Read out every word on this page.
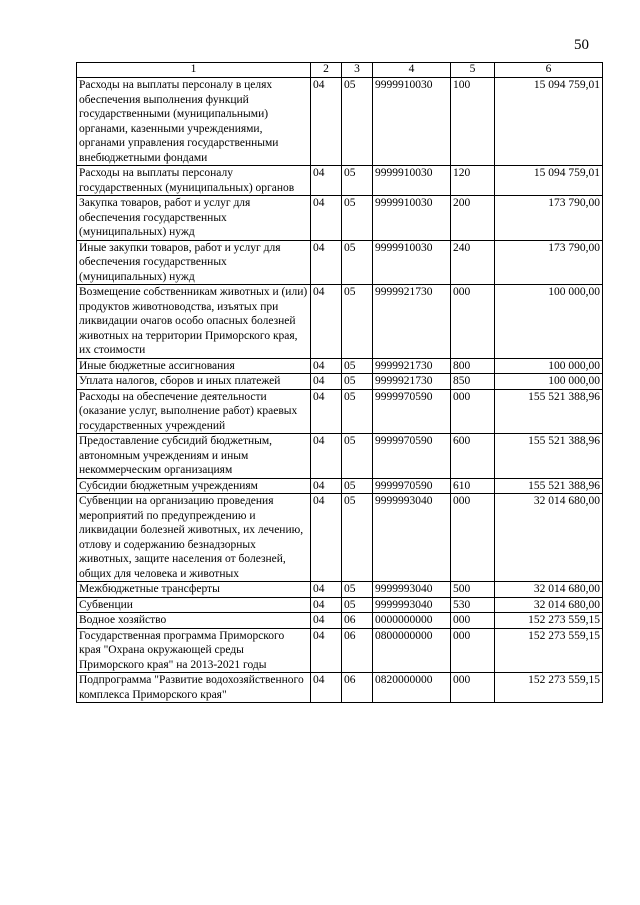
50
1	2	3	4	5	6
Расходы на выплаты персоналу в целях обеспечения выполнения функций государственными (муниципальными) органами, казенными учреждениями, органами управления государственными внебюджетными фондами	04	05	9999910030	100	15 094 759,01
Расходы на выплаты персоналу государственных (муниципальных) органов	04	05	9999910030	120	15 094 759,01
Закупка товаров, работ и услуг для обеспечения государственных (муниципальных) нужд	04	05	9999910030	200	173 790,00
Иные закупки товаров, работ и услуг для обеспечения государственных (муниципальных) нужд	04	05	9999910030	240	173 790,00
Возмещение собственникам животных и (или) продуктов животноводства, изъятых при ликвидации очагов особо опасных болезней животных на территории Приморского края, их стоимости	04	05	9999921730	000	100 000,00
Иные бюджетные ассигнования	04	05	9999921730	800	100 000,00
Уплата налогов, сборов и иных платежей	04	05	9999921730	850	100 000,00
Расходы на обеспечение деятельности (оказание услуг, выполнение работ) краевых государственных учреждений	04	05	9999970590	000	155 521 388,96
Предоставление субсидий бюджетным, автономным учреждениям и иным некоммерческим организациям	04	05	9999970590	600	155 521 388,96
Субсидии бюджетным учреждениям	04	05	9999970590	610	155 521 388,96
Субвенции на организацию проведения мероприятий по предупреждению и ликвидации болезней животных, их лечению, отлову и содержанию безнадзорных животных, защите населения от болезней, общих для человека и животных	04	05	9999993040	000	32 014 680,00
Межбюджетные трансферты	04	05	9999993040	500	32 014 680,00
Субвенции	04	05	9999993040	530	32 014 680,00
Водное хозяйство	04	06	0000000000	000	152 273 559,15
Государственная программа Приморского края "Охрана окружающей среды Приморского края" на 2013-2021 годы	04	06	0800000000	000	152 273 559,15
Подпрограмма "Развитие водохозяйственного комплекса Приморского края"	04	06	0820000000	000	152 273 559,15
